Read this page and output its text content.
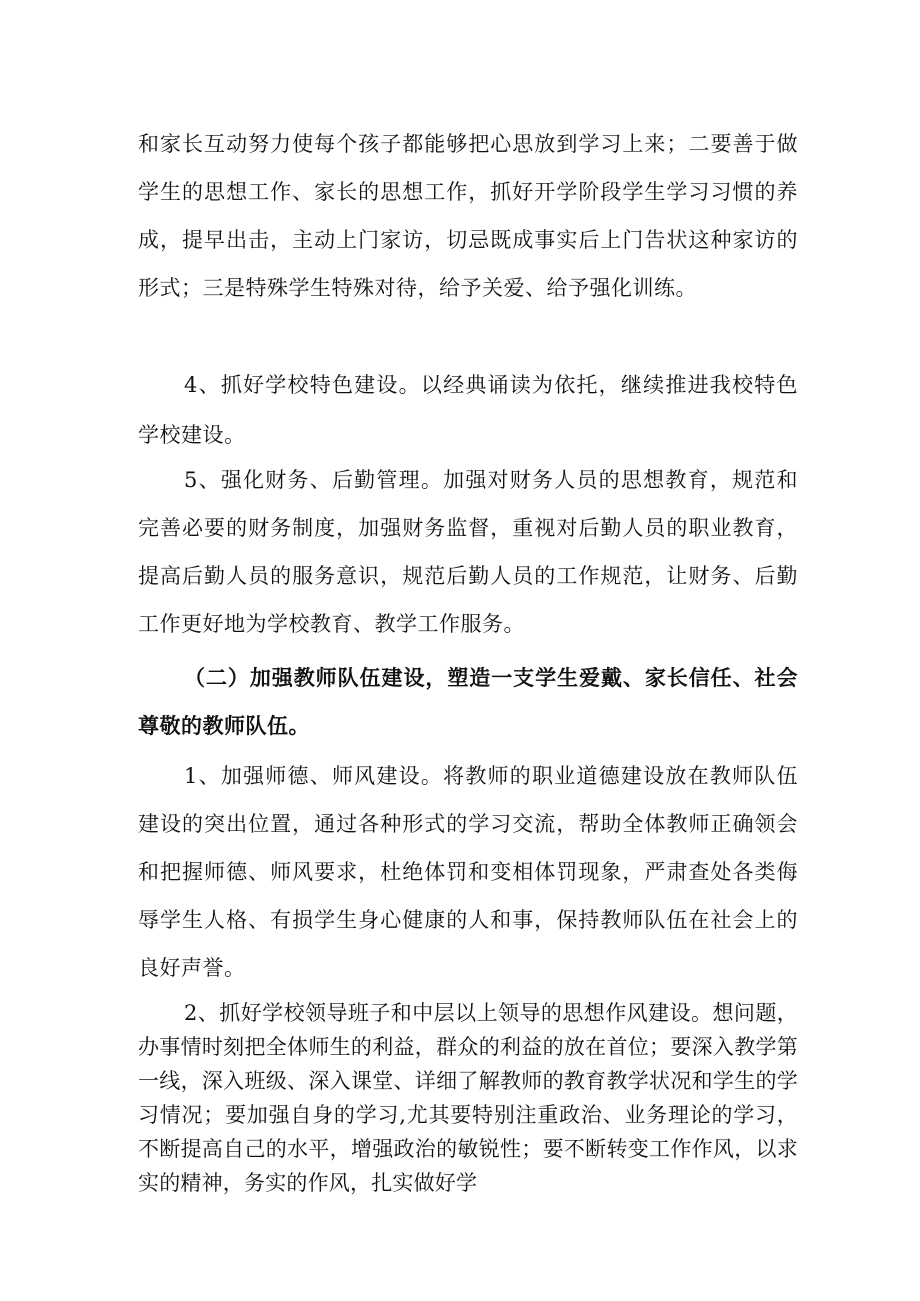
和家长互动努力使每个孩子都能够把心思放到学习上来；二要善于做学生的思想工作、家长的思想工作，抓好开学阶段学生学习习惯的养成，提早出击，主动上门家访，切忌既成事实后上门告状这种家访的形式；三是特殊学生特殊对待，给予关爱、给予强化训练。

4、抓好学校特色建设。以经典诵读为依托，继续推进我校特色学校建设。

5、强化财务、后勤管理。加强对财务人员的思想教育，规范和完善必要的财务制度，加强财务监督，重视对后勤人员的职业教育，提高后勤人员的服务意识，规范后勤人员的工作规范，让财务、后勤工作更好地为学校教育、教学工作服务。

（二）加强教师队伍建设，塑造一支学生爱戴、家长信任、社会尊敬的教师队伍。

1、加强师德、师风建设。将教师的职业道德建设放在教师队伍建设的突出位置，通过各种形式的学习交流，帮助全体教师正确领会和把握师德、师风要求，杜绝体罚和变相体罚现象，严肃查处各类侮辱学生人格、有损学生身心健康的人和事，保持教师队伍在社会上的良好声誉。

2、抓好学校领导班子和中层以上领导的思想作风建设。想问题，办事情时刻把全体师生的利益，群众的利益的放在首位；要深入教学第一线，深入班级、深入课堂、详细了解教师的教育教学状况和学生的学习情况；要加强自身的学习,尤其要特别注重政治、业务理论的学习，不断提高自己的水平，增强政治的敏锐性；要不断转变工作作风，以求实的精神，务实的作风，扎实做好学
